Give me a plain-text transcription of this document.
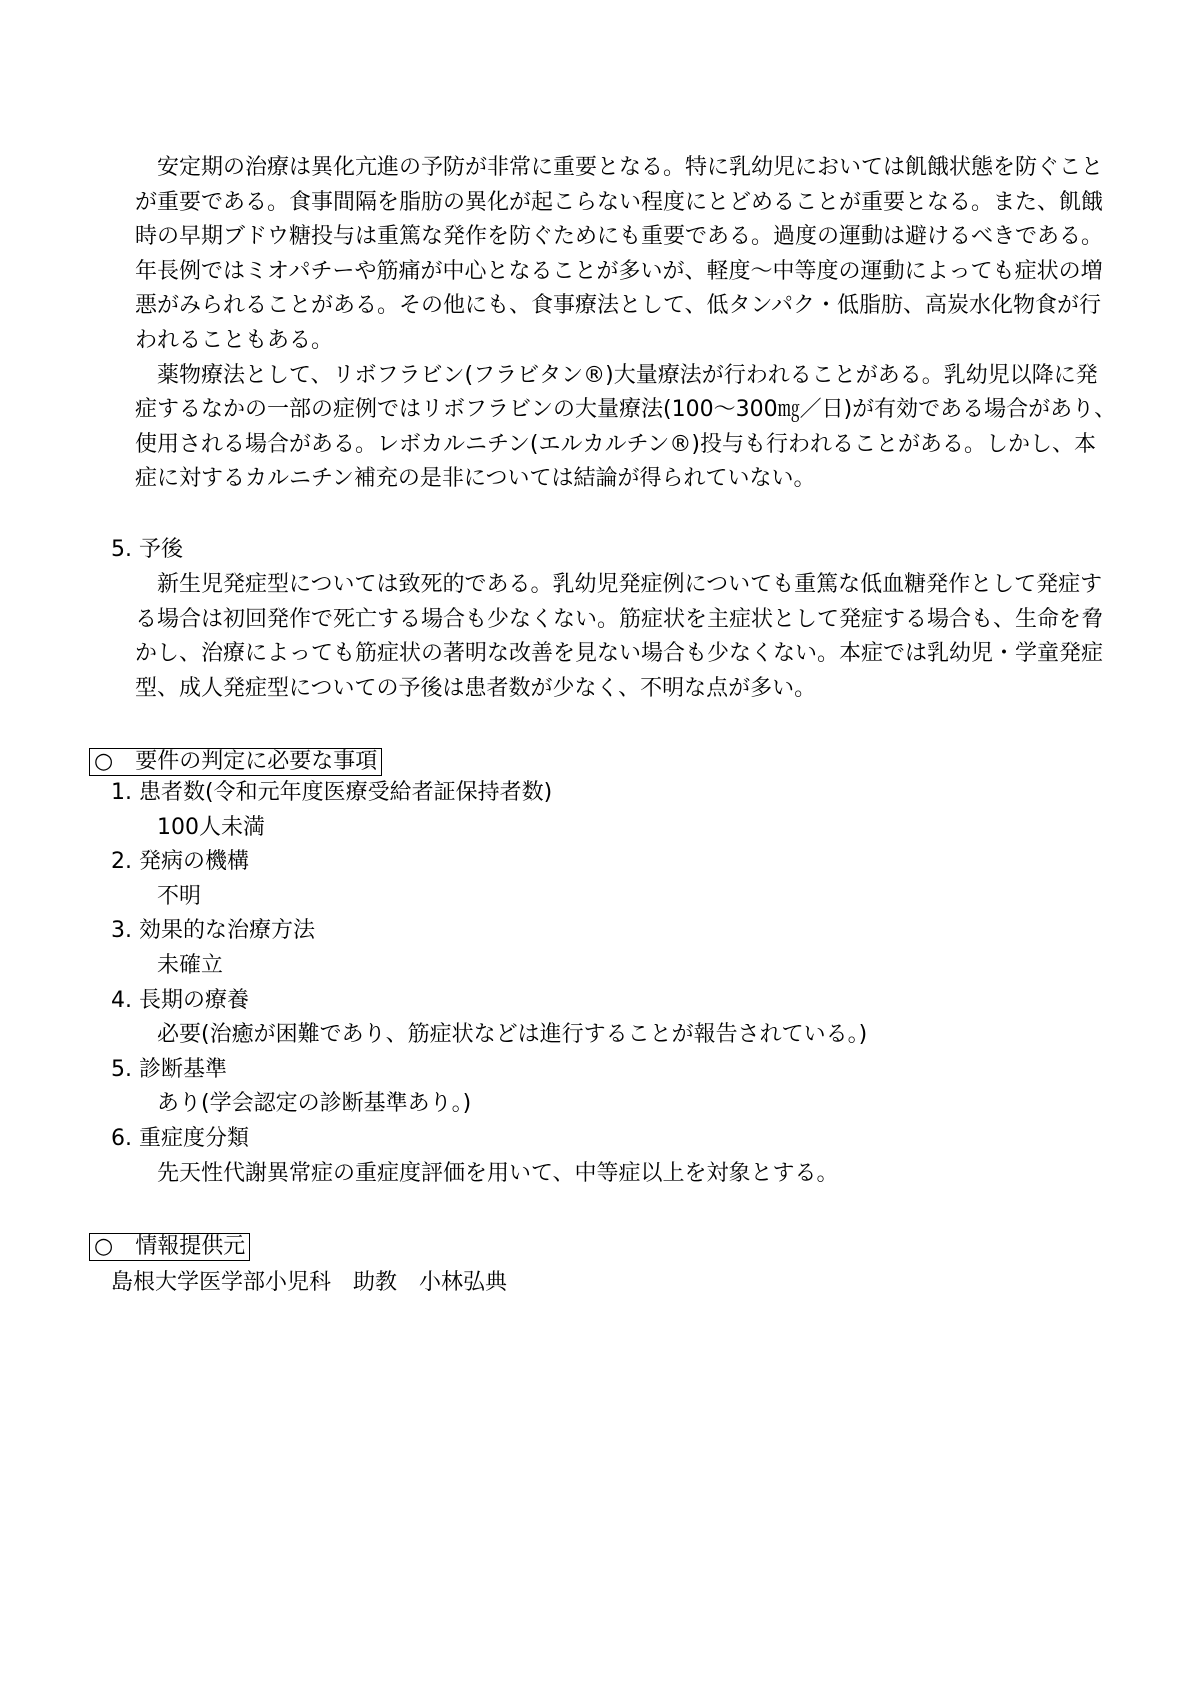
安定期の治療は異化亢進の予防が非常に重要となる。特に乳幼児においては飢餓状態を防ぐこと
が重要である。食事間隔を脂肪の異化が起こらない程度にとどめることが重要となる。また、飢餓
時の早期ブドウ糖投与は重篤な発作を防ぐためにも重要である。過度の運動は避けるべきである。
年長例ではミオパチーや筋痛が中心となることが多いが、軽度〜中等度の運動によっても症状の増
悪がみられることがある。その他にも、食事療法として、低タンパク・低脂肪、高炭水化物食が行
われることもある。
薬物療法として、リボフラビン(フラビタン®)大量療法が行われることがある。乳幼児以降に発
症するなかの一部の症例ではリボフラビンの大量療法(100〜300㎎／日)が有効である場合があり、
使用される場合がある。レボカルニチン(エルカルチン®)投与も行われることがある。しかし、本
症に対するカルニチン補充の是非については結論が得られていない。
5. 予後
新生児発症型については致死的である。乳幼児発症例についても重篤な低血糖発作として発症す
る場合は初回発作で死亡する場合も少なくない。筋症状を主症状として発症する場合も、生命を脅
かし、治療によっても筋症状の著明な改善を見ない場合も少なくない。本症では乳幼児・学童発症
型、成人発症型についての予後は患者数が少なく、不明な点が多い。
○　要件の判定に必要な事項
1. 患者数(令和元年度医療受給者証保持者数)
100人未満
2. 発病の機構
不明
3. 効果的な治療方法
未確立
4. 長期の療養
必要(治癒が困難であり、筋症状などは進行することが報告されている。)
5. 診断基準
あり(学会認定の診断基準あり。)
6. 重症度分類
先天性代謝異常症の重症度評価を用いて、中等症以上を対象とする。
○　情報提供元
島根大学医学部小児科　助教　小林弘典
